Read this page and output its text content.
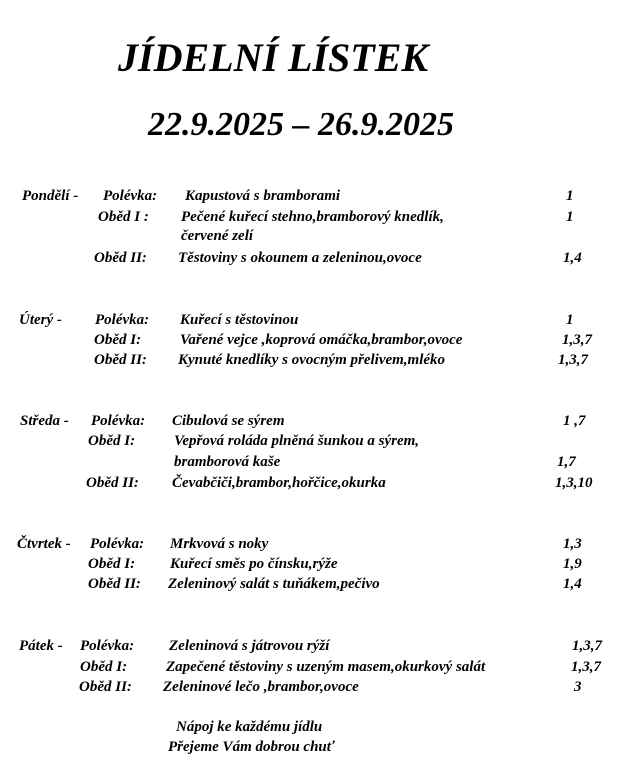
JÍDELNÍ LÍSTEK
22.9.2025 – 26.9.2025
Pondělí - Polévka: Kapustová s bramborami	1
Oběd I : Pečené kuřecí stehno,bramborový knedlík,	1
červené zelí
Oběd II: Těstoviny s okounem a zeleninou,ovoce	1,4
Úterý - Polévka: Kuřecí s těstovinou	1
Oběd I:	Vařené vejce ,koprová omáčka,brambor,ovoce	1,3,7
Oběd II: Kynuté knedlíky s ovocným přelivem,mléko	1,3,7
Středa - Polévka: Cibulová se sýrem	1 ,7
Oběd I:	Vepřová roláda plněná šunkou a sýrem,
bramborová kaše	1,7
Oběd II: Čevabčiči,brambor,hořčice,okurka	1,3,10
Čtvrtek - Polévka: Mrkvová s noky	1,3
Oběd I: Kuřecí směs po čínsku,rýže	1,9
Oběd II: Zeleninový salát s tuňákem,pečivo	1,4
Pátek - Polévka: Zeleninová s játrovou rýží	1,3,7
Oběd I:	Zapečené těstoviny s uzeným masem,okurkový salát	1,3,7
Oběd II: Zeleninové lečo ,brambor,ovoce	3
Nápoj ke každému jídlu
Přejeme Vám dobrou chuť
